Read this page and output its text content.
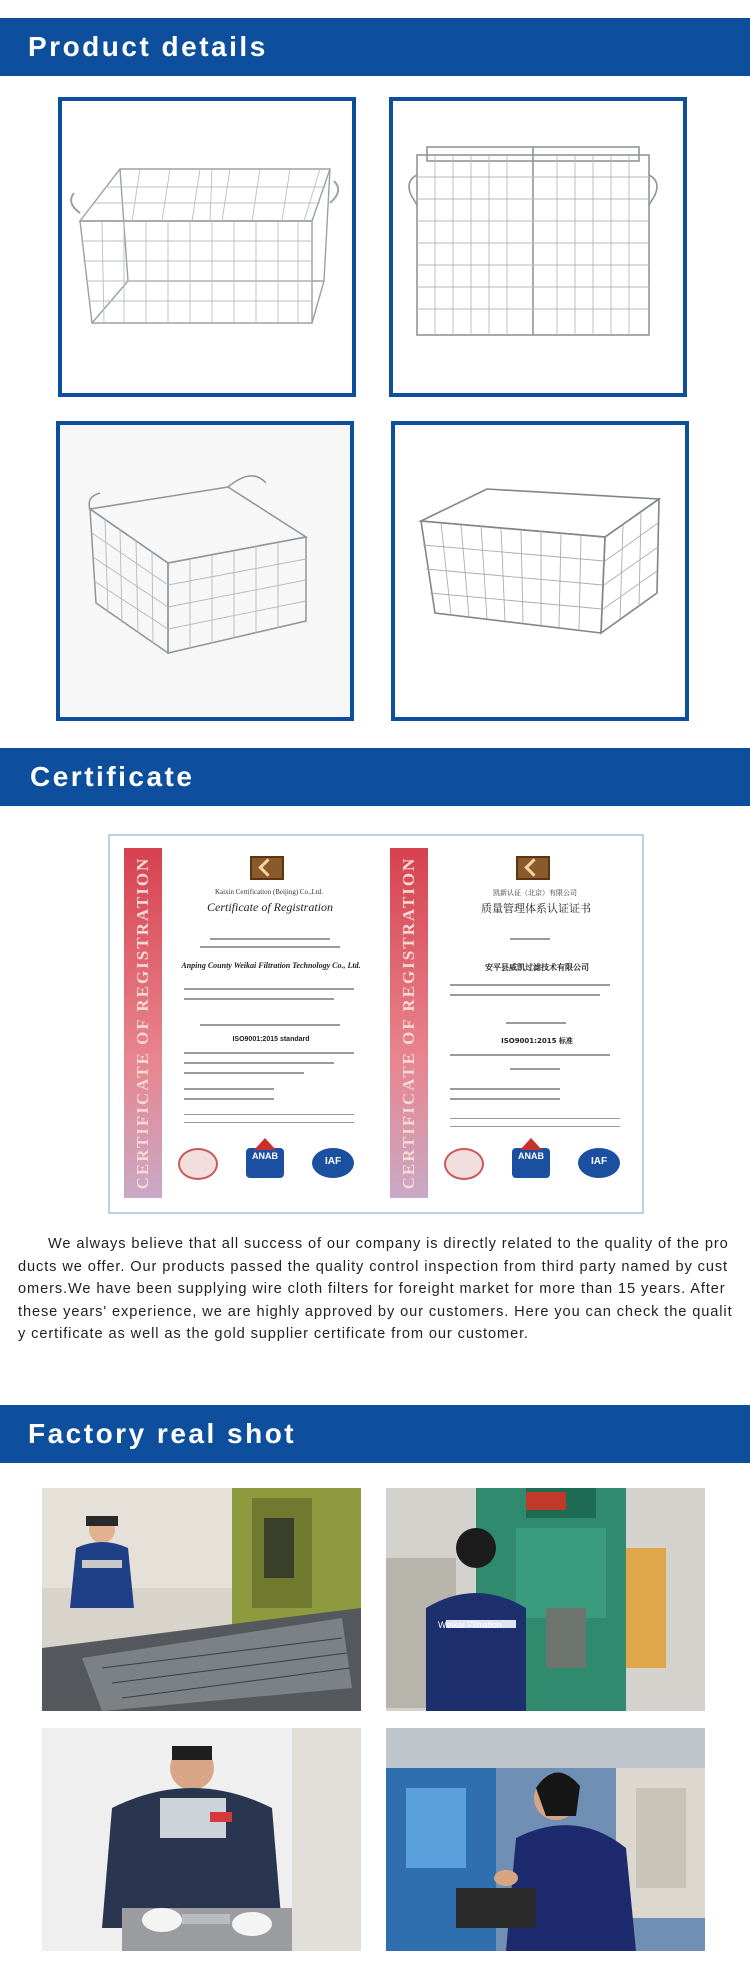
Product details
Certificate
CERTIFICATE OF REGISTRATION	Kaixin Certification (Beijing) Co.,Ltd.
Certificate of Registration
Anping County Weikai Filtration Technology Co., Ltd.
ISO9001:2015 standard
ANAB	IAF	CERTIFICATE OF REGISTRATION	凯新认证（北京）有限公司
质量管理体系认证证书
安平县威凯过滤技术有限公司
ISO9001:2015 标准
ANAB	IAF

We always believe that all success of our company is directly related to the quality of the products we offer. Our products passed the quality control inspection from third party named by customers.We have been supplying wire cloth filters for foreight market for more than 15 years. After these years' experience, we are highly approved by our customers. Here you can check the quality certificate as well as the gold supplier certificate from our customer.

Factory real shot
Weikai Filtration
